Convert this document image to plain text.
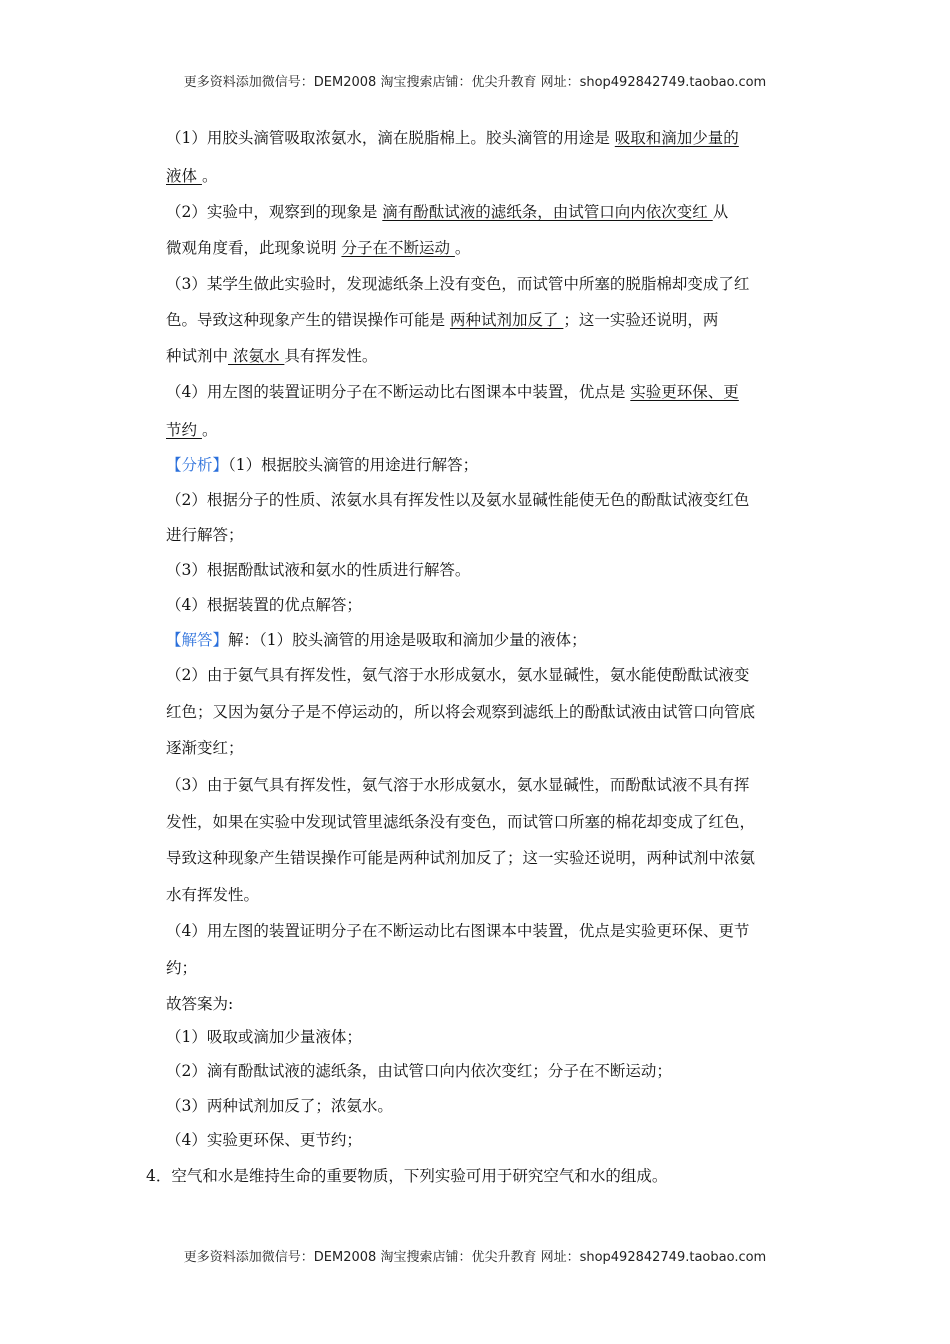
更多资料添加微信号：DEM2008 淘宝搜索店铺：优尖升教育 网址：shop492842749.taobao.com
（1）用胶头滴管吸取浓氨水，滴在脱脂棉上。胶头滴管的用途是 吸取和滴加少量的
液体 。
（2）实验中，观察到的现象是 滴有酚酞试液的滤纸条，由试管口向内依次变红 从
微观角度看，此现象说明 分子在不断运动 。
（3）某学生做此实验时，发现滤纸条上没有变色，而试管中所塞的脱脂棉却变成了红
色。导致这种现象产生的错误操作可能是 两种试剂加反了 ；这一实验还说明，两
种试剂中 浓氨水 具有挥发性。
（4）用左图的装置证明分子在不断运动比右图课本中装置，优点是 实验更环保、更
节约 。
【分析】（1）根据胶头滴管的用途进行解答；
（2）根据分子的性质、浓氨水具有挥发性以及氨水显碱性能使无色的酚酞试液变红色
进行解答；
（3）根据酚酞试液和氨水的性质进行解答。
（4）根据装置的优点解答；
【解答】解：（1）胶头滴管的用途是吸取和滴加少量的液体；
（2）由于氨气具有挥发性，氨气溶于水形成氨水，氨水显碱性，氨水能使酚酞试液变
红色；又因为氨分子是不停运动的，所以将会观察到滤纸上的酚酞试液由试管口向管底
逐渐变红；
（3）由于氨气具有挥发性，氨气溶于水形成氨水，氨水显碱性，而酚酞试液不具有挥
发性，如果在实验中发现试管里滤纸条没有变色，而试管口所塞的棉花却变成了红色，
导致这种现象产生错误操作可能是两种试剂加反了；这一实验还说明，两种试剂中浓氨
水有挥发性。
（4）用左图的装置证明分子在不断运动比右图课本中装置，优点是实验更环保、更节
约；
故答案为:
（1）吸取或滴加少量液体；
（2）滴有酚酞试液的滤纸条，由试管口向内依次变红；分子在不断运动；
（3）两种试剂加反了；浓氨水。
（4）实验更环保、更节约；
4．空气和水是维持生命的重要物质，下列实验可用于研究空气和水的组成。
更多资料添加微信号：DEM2008 淘宝搜索店铺：优尖升教育 网址：shop492842749.taobao.com
